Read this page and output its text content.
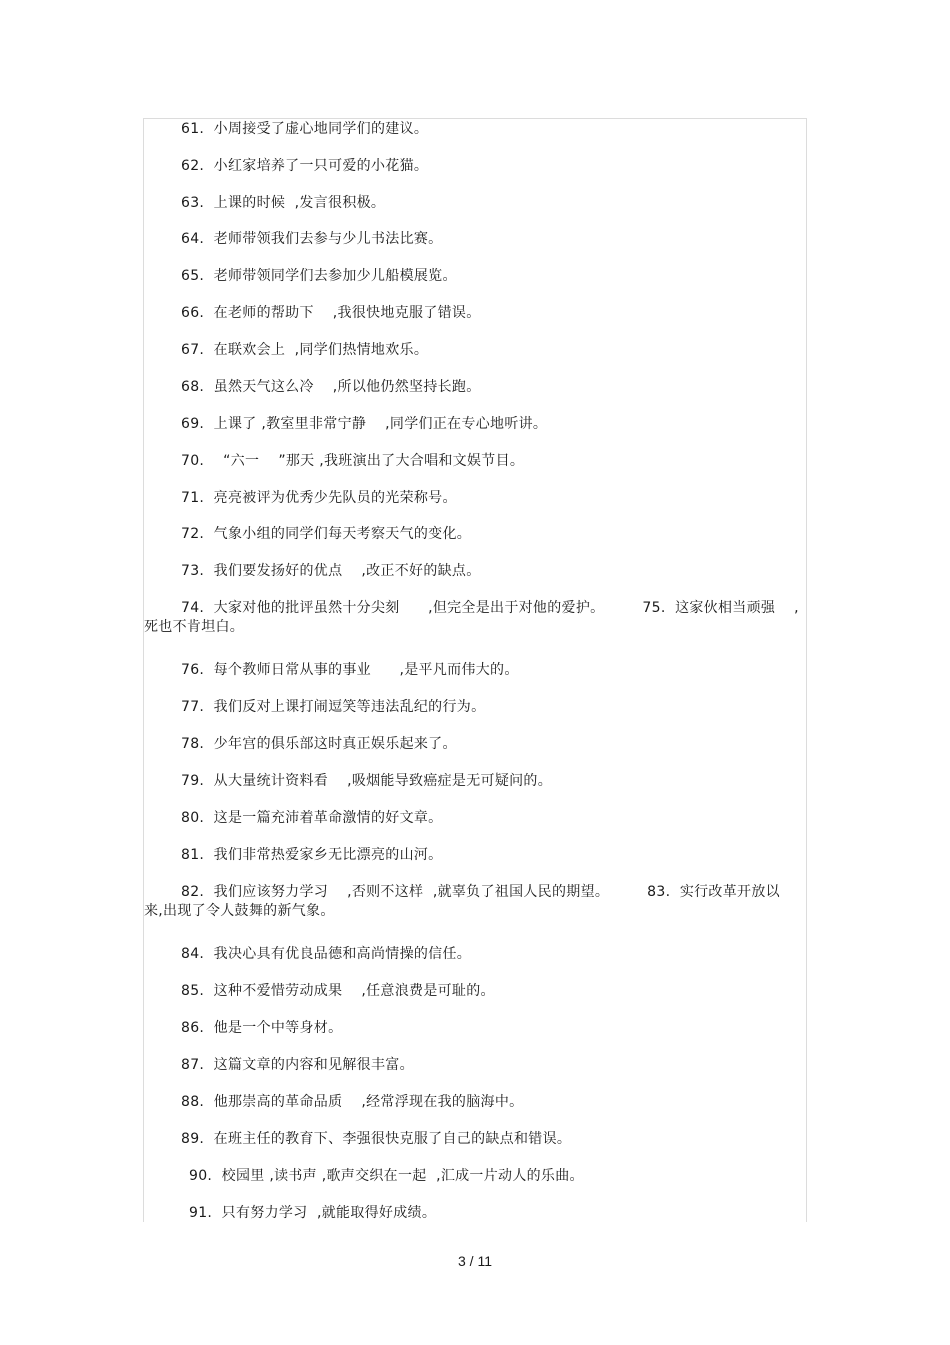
61.  小周接受了虚心地同学们的建议。
62.  小红家培养了一只可爱的小花猫。
63.  上课的时候  ,发言很积极。
64.  老师带领我们去参与少儿书法比赛。
65.  老师带领同学们去参加少儿船模展览。
66.  在老师的帮助下    ,我很快地克服了错误。
67.  在联欢会上  ,同学们热情地欢乐。
68.  虽然天气这么冷    ,所以他仍然坚持长跑。
69.  上课了 ,教室里非常宁静    ,同学们正在专心地听讲。
70.    “六一    ”那天 ,我班演出了大合唱和文娱节目。
71.  亮亮被评为优秀少先队员的光荣称号。
72.  气象小组的同学们每天考察天气的变化。
73.  我们要发扬好的优点    ,改正不好的缺点。
74.  大家对他的批评虽然十分尖刻      ,但完全是出于对他的爱护。        75.  这家伙相当顽强    ,
死也不肯坦白。
76.  每个教师日常从事的事业      ,是平凡而伟大的。
77.  我们反对上课打闹逗笑等违法乱纪的行为。
78.  少年宫的俱乐部这时真正娱乐起来了。
79.  从大量统计资料看    ,吸烟能导致癌症是无可疑问的。
80.  这是一篇充沛着革命激情的好文章。
81.  我们非常热爱家乡无比漂亮的山河。
82.  我们应该努力学习    ,否则不这样  ,就辜负了祖国人民的期望。        83.  实行改革开放以
来,出现了令人鼓舞的新气象。
84.  我决心具有优良品德和高尚情操的信任。
85.  这种不爱惜劳动成果    ,任意浪费是可耻的。
86.  他是一个中等身材。
87.  这篇文章的内容和见解很丰富。
88.  他那崇高的革命品质    ,经常浮现在我的脑海中。
89.  在班主任的教育下、李强很快克服了自己的缺点和错误。
90.  校园里 ,读书声 ,歌声交织在一起  ,汇成一片动人的乐曲。
91.  只有努力学习  ,就能取得好成绩。
3 / 11
